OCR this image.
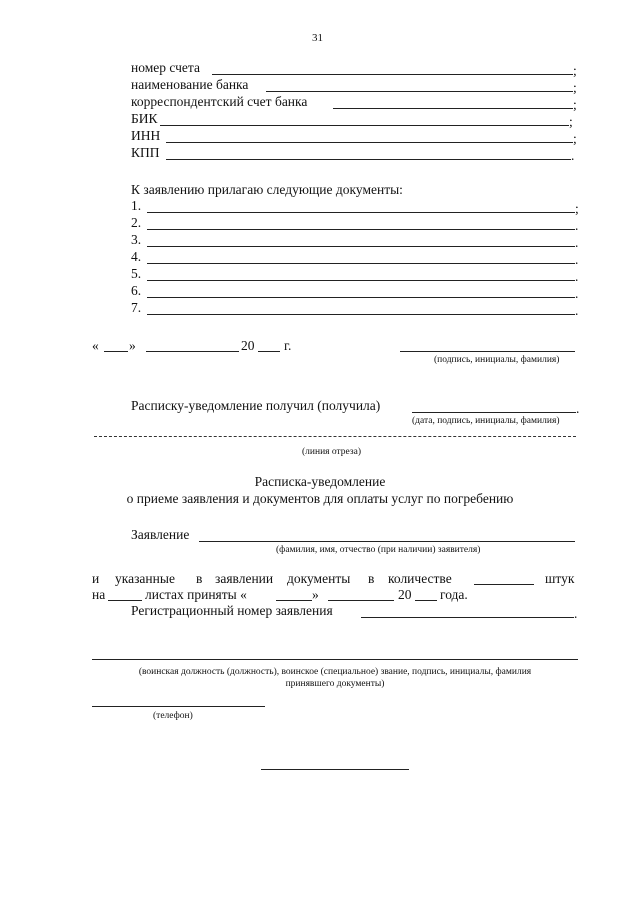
31
номер счета	;
наименование банка	;
корреспондентский счет банка	;
БИК	;
ИНН	;
КПП	.
К заявлению прилагаю следующие документы:
1.	;
2.	.
3.	.
4.	.
5.	.
6.	.
7.	.
« »	20 г.
(подпись, инициалы, фамилия)
Расписку-уведомление получил (получила)	.
(дата, подпись, инициалы, фамилия)
(линия отреза)
Расписка-уведомление
о приеме заявления и документов для оплаты услуг по погребению
Заявление
(фамилия, имя, отчество (при наличии) заявителя)
и указанные в заявлении документы в количестве	штук
на	листах приняты «	»	20 года.
Регистрационный номер заявления	.
(воинская должность (должность), воинское (специальное) звание, подпись, инициалы, фамилия
принявшего документы)
(телефон)
